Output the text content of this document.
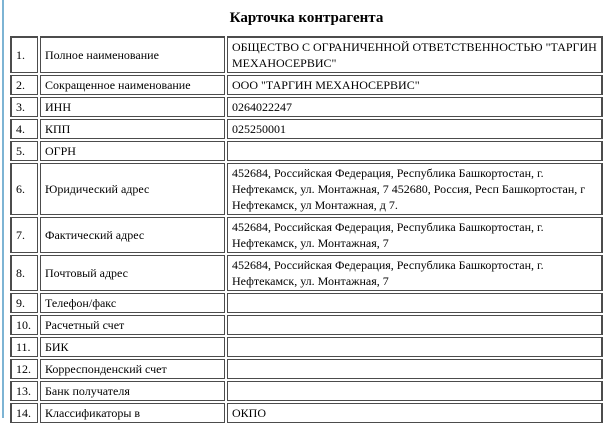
Карточка контрагента
1.	Полное наименование	ОБЩЕСТВО С ОГРАНИЧЕННОЙ ОТВЕТСТВЕННОСТЬЮ "ТАРГИН МЕХАНОСЕРВИС"
2.	Сокращенное наименование	ООО "ТАРГИН МЕХАНОСЕРВИС"
3.	ИНН	0264022247
4.	КПП	025250001
5.	ОГРН	
6.	Юридический адрес	452684, Российская Федерация, Республика Башкортостан, г. Нефтекамск, ул. Монтажная, 7 452680, Россия, Респ Башкортостан, г Нефтекамск, ул Монтажная, д 7.
7.	Фактический адрес	452684, Российская Федерация, Республика Башкортостан, г. Нефтекамск, ул. Монтажная, 7
8.	Почтовый адрес	452684, Российская Федерация, Республика Башкортостан, г. Нефтекамск, ул. Монтажная, 7
9.	Телефон/факс	
10.	Расчетный счет	
11.	БИК	
12.	Корреспонденский счет	
13.	Банк получателя	
14.	Классификаторы в	ОКПО
